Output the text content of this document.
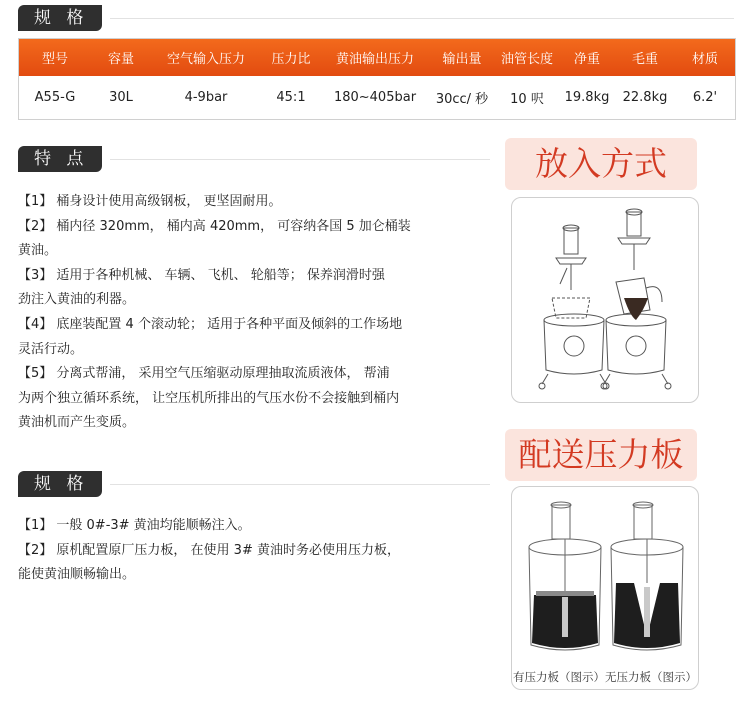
规 格
型号	容量	空气输入压力	压力比	黄油输出压力	输出量	油管长度	净重	毛重	材质
A55-G	30L	4-9bar	45:1	180~405bar	30cc/ 秒	10 呎	19.8kg	22.8kg	6.2'
特 点

【1】 桶身设计使用高级钢板， 更坚固耐用。

【2】 桶内径 320mm， 桶内高 420mm， 可容纳各国 5 加仑桶装

黄油。

【3】 适用于各种机械、 车辆、 飞机、 轮船等； 保养润滑时强

劲注入黄油的利器。

【4】 底座装配置 4 个滚动轮； 适用于各种平面及倾斜的工作场地

灵活行动。

【5】 分离式帮浦， 采用空气压缩驱动原理抽取流质液体， 帮浦

为两个独立循环系统， 让空压机所排出的气压水份不会接触到桶内

黄油机而产生变质。

规 格

【1】 一般 0#-3# 黄油均能顺畅注入。

【2】 原机配置原厂压力板， 在使用 3# 黄油时务必使用压力板，

能使黄油顺畅输出。

放入方式
配送压力板
有压力板（图示）无压力板（图示）
